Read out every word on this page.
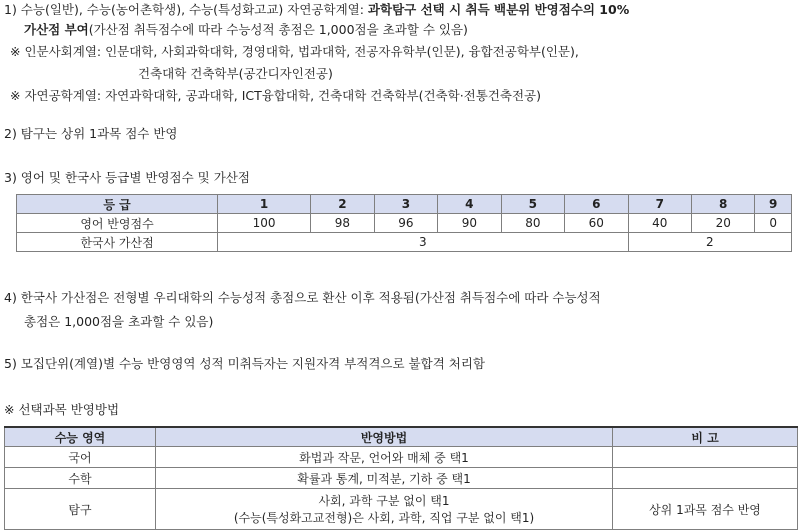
1) 수능(일반), 수능(농어촌학생), 수능(특성화고교) 자연공학계열: 과학탐구 선택 시 취득 백분위 반영점수의 10%
가산점 부여(가산점 취득점수에 따라 수능성적 총점은 1,000점을 초과할 수 있음)
※ 인문사회계열: 인문대학, 사회과학대학, 경영대학, 법과대학, 전공자유학부(인문), 융합전공학부(인문),
건축대학 건축학부(공간디자인전공)
※ 자연공학계열: 자연과학대학, 공과대학, ICT융합대학, 건축대학 건축학부(건축학·전통건축전공)
2) 탐구는 상위 1과목 점수 반영
3) 영어 및 한국사 등급별 반영점수 및 가산점
등 급	1	2	3	4	5	6	7	8	9
영어 반영점수	100	98	96	90	80	60	40	20	0
한국사 가산점	3						2		
4) 한국사 가산점은 전형별 우리대학의 수능성적 총점으로 환산 이후 적용됨(가산점 취득점수에 따라 수능성적
총점은 1,000점을 초과할 수 있음)
5) 모집단위(계열)별 수능 반영영역 성적 미취득자는 지원자격 부적격으로 불합격 처리함
※ 선택과목 반영방법
수능 영역	반영방법	비 고
국어	화법과 작문, 언어와 매체 중 택1	
수학	확률과 통계, 미적분, 기하 중 택1	
탐구	사회, 과학 구분 없이 택1
(수능(특성화고교전형)은 사회, 과학, 직업 구분 없이 택1)	상위 1과목 점수 반영
